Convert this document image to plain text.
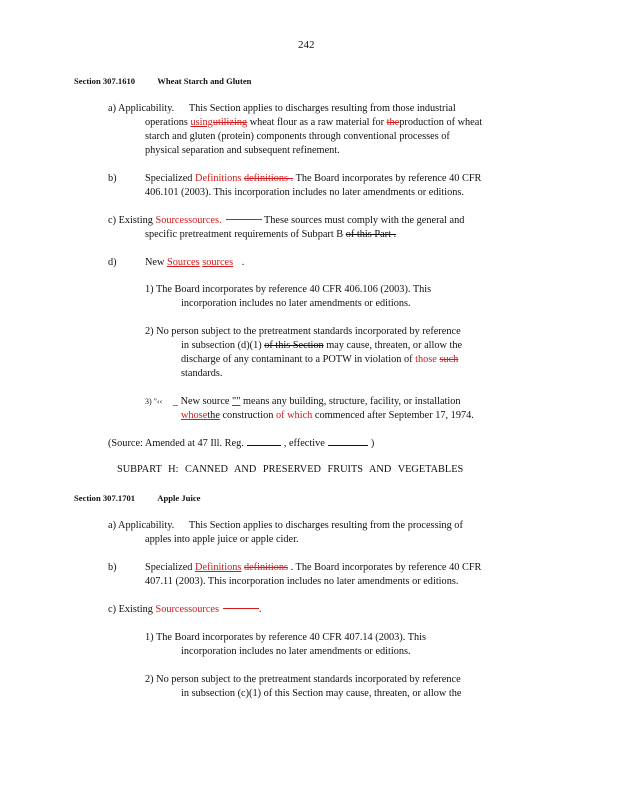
242
Section 307.1610	Wheat Starch and Gluten
a) Applicability. This Section applies to discharges resulting from those industrial
operations usingutilizing wheat flour as a raw material for theproduction of wheat
starch and gluten (protein) components through conventional processes of
physical separation and subsequent refinement.
b)	Specialized Definitions definitions . The Board incorporates by reference 40 CFR
406.101 (2003). This incorporation includes no later amendments or editions.
c) Existing Sourcessources.	These sources must comply with the general and
specific pretreatment requirements of Subpart B of this Part .
d)	New Sources sources .
1) The Board incorporates by reference 40 CFR 406.106 (2003). This
incorporation includes no later amendments or editions.
2) No person subject to the pretreatment standards incorporated by reference
in subsection (d)(1) of this Section may cause, threaten, or allow the
discharge of any contaminant to a POTW in violation of those such
standards.
3) "‹‹ _ New source "" means any building, structure, facility, or installation
whosethe construction of which commenced after September 17, 1974.
(Source: Amended at 47 Ill. Reg.	, effective	)
SUBPART H: CANNED AND PRESERVED FRUITS AND VEGETABLES
Section 307.1701	Apple Juice
a) Applicability. This Section applies to discharges resulting from the processing of
apples into apple juice or apple cider.
b)	Specialized Definitions definitions . The Board incorporates by reference 40 CFR
407.11 (2003). This incorporation includes no later amendments or editions.
c) Existing Sourcessources	.
1) The Board incorporates by reference 40 CFR 407.14 (2003). This
incorporation includes no later amendments or editions.
2) No person subject to the pretreatment standards incorporated by reference
in subsection (c)(1) of this Section may cause, threaten, or allow the
